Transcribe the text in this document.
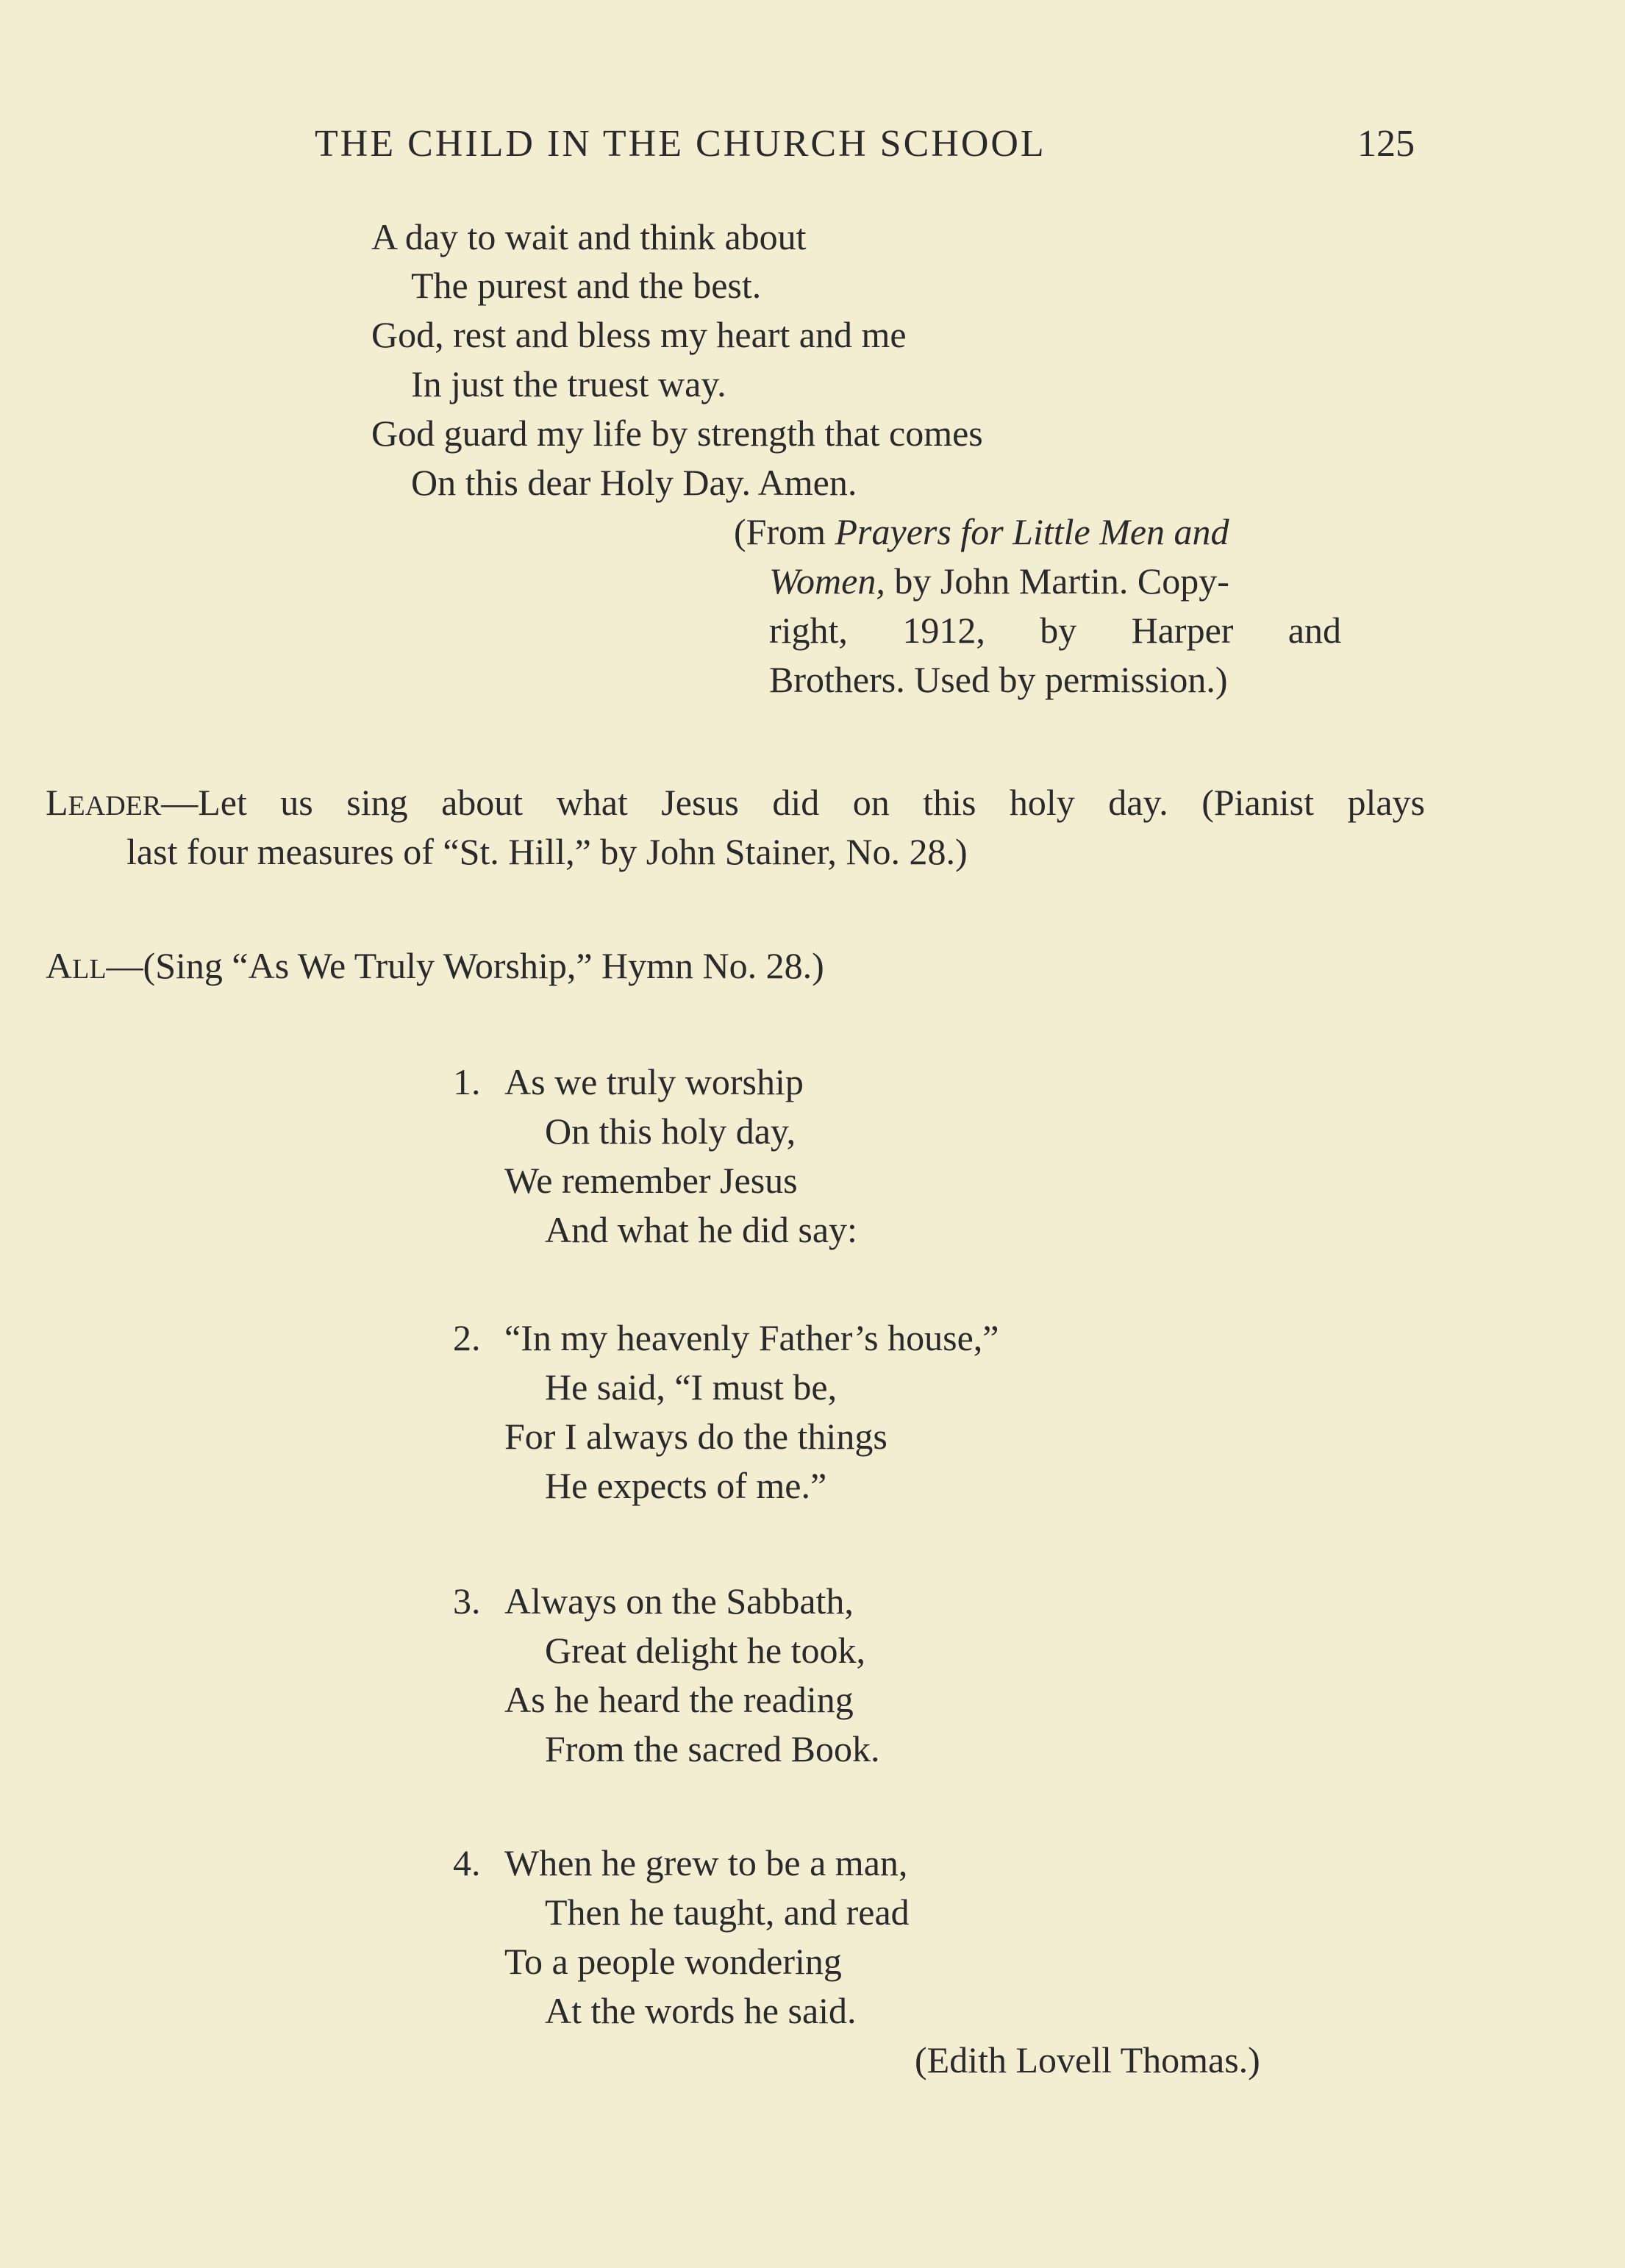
THE CHILD IN THE CHURCH SCHOOL	125
A day to wait and think about
The purest and the best.
God, rest and bless my heart and me
In just the truest way.
God guard my life by strength that comes
On this dear Holy Day. Amen.
(From Prayers for Little Men and
Women, by John Martin. Copy-
right, 1912, by Harper and
Brothers. Used by permission.)
LEADER—Let us sing about what Jesus did on this holy day. (Pianist plays
last four measures of “St. Hill,” by John Stainer, No. 28.)
ALL—(Sing “As We Truly Worship,” Hymn No. 28.)
1. As we truly worship
On this holy day,
We remember Jesus
And what he did say:
2. “In my heavenly Father’s house,”
He said, “I must be,
For I always do the things
He expects of me.”
3. Always on the Sabbath,
Great delight he took,
As he heard the reading
From the sacred Book.
4. When he grew to be a man,
Then he taught, and read
To a people wondering
At the words he said.
(Edith Lovell Thomas.)
